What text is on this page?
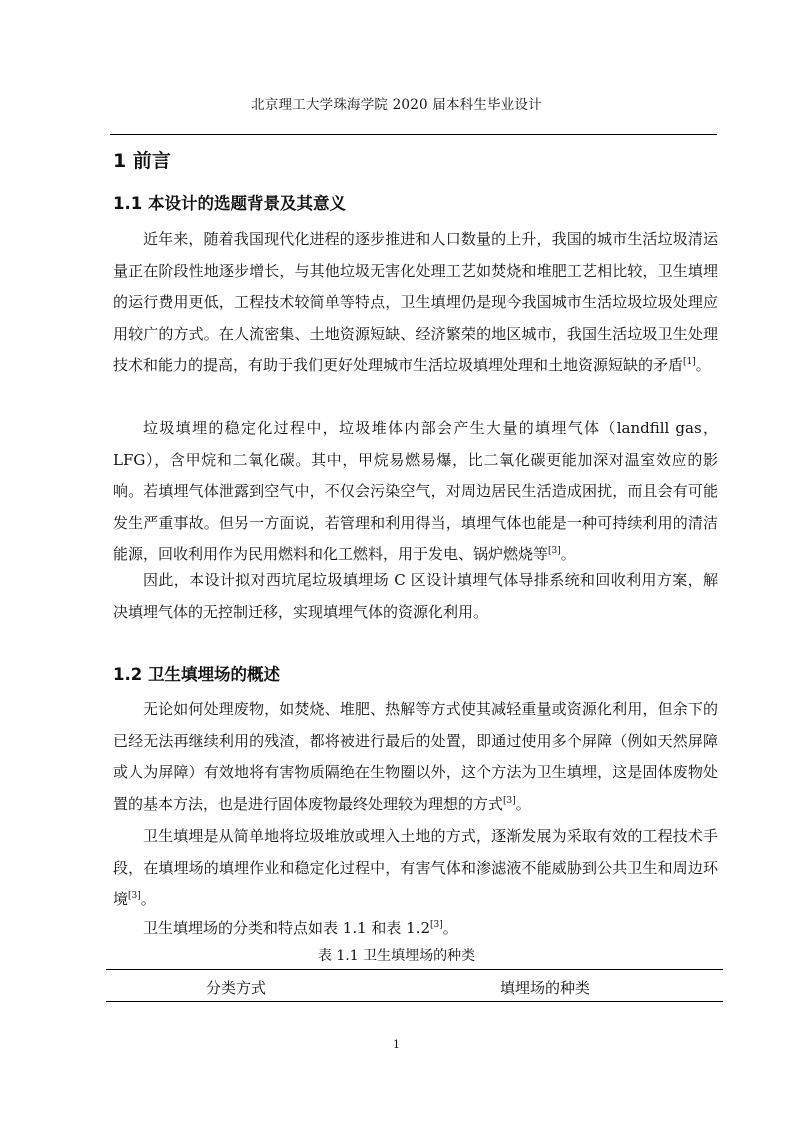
北京理工大学珠海学院 2020 届本科生毕业设计
1 前言
1.1 本设计的选题背景及其意义
近年来，随着我国现代化进程的逐步推进和人口数量的上升，我国的城市生活垃圾清运量正在阶段性地逐步增长，与其他垃圾无害化处理工艺如焚烧和堆肥工艺相比较，卫生填埋的运行费用更低，工程技术较简单等特点，卫生填埋仍是现今我国城市生活垃圾垃圾处理应用较广的方式。在人流密集、土地资源短缺、经济繁荣的地区城市，我国生活垃圾卫生处理技术和能力的提高，有助于我们更好处理城市生活垃圾填埋处理和土地资源短缺的矛盾[1]。
垃圾填埋的稳定化过程中，垃圾堆体内部会产生大量的填埋气体（landfill gas，LFG），含甲烷和二氧化碳。其中，甲烷易燃易爆，比二氧化碳更能加深对温室效应的影响。若填埋气体泄露到空气中，不仅会污染空气，对周边居民生活造成困扰，而且会有可能发生严重事故。但另一方面说，若管理和利用得当，填埋气体也能是一种可持续利用的清洁能源，回收利用作为民用燃料和化工燃料，用于发电、锅炉燃烧等[3]。
因此，本设计拟对西坑尾垃圾填埋场 C 区设计填埋气体导排系统和回收利用方案，解决填埋气体的无控制迁移，实现填埋气体的资源化利用。
1.2 卫生填埋场的概述
无论如何处理废物，如焚烧、堆肥、热解等方式使其减轻重量或资源化利用，但余下的已经无法再继续利用的残渣，都将被进行最后的处置，即通过使用多个屏障（例如天然屏障或人为屏障）有效地将有害物质隔绝在生物圈以外，这个方法为卫生填埋，这是固体废物处置的基本方法，也是进行固体废物最终处理较为理想的方式[3]。
卫生填埋是从简单地将垃圾堆放或埋入土地的方式，逐渐发展为采取有效的工程技术手段，在填埋场的填埋作业和稳定化过程中，有害气体和渗滤液不能威胁到公共卫生和周边环境[3]。
卫生填埋场的分类和特点如表 1.1 和表 1.2[3]。
表 1.1 卫生填埋场的种类
分类方式	填埋场的种类
1
